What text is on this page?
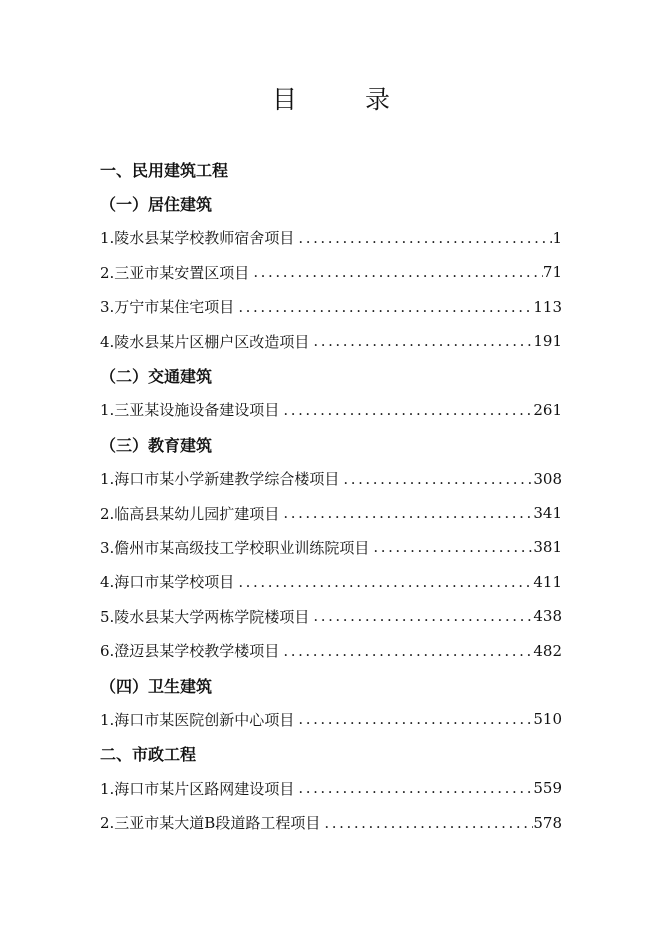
目 录
一、民用建筑工程
（一）居住建筑
1.陵水县某学校教师宿舍项目 .....	1
2.三亚市某安置区项目 .....	71
3.万宁市某住宅项目 .....	113
4.陵水县某片区棚户区改造项目 .....	191
（二）交通建筑
1.三亚某设施设备建设项目 .....	261
（三）教育建筑
1.海口市某小学新建教学综合楼项目 .....	308
2.临高县某幼儿园扩建项目 .....	341
3.儋州市某高级技工学校职业训练院项目 .....	381
4.海口市某学校项目 .....	411
5.陵水县某大学两栋学院楼项目 .....	438
6.澄迈县某学校教学楼项目 .....	482
（四）卫生建筑
1.海口市某医院创新中心项目 .....	510
二、市政工程
1.海口市某片区路网建设项目 .....	559
2.三亚市某大道B段道路工程项目 .....	578
